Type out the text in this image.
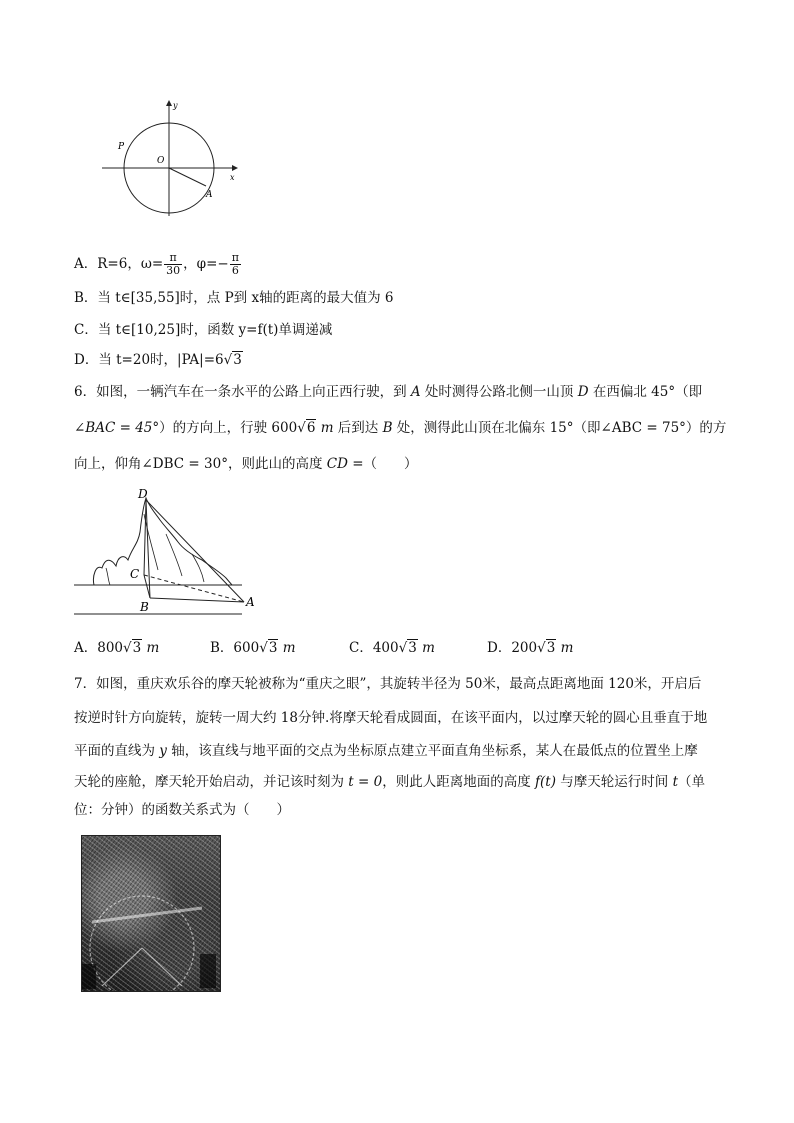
y
x
P
O
A
A．R=6，$\omega= \frac{\pi}{30}$ ，$\varphi=- \frac{\pi}{6}$
B．当 t∈[35,55]时，点 P到 x轴的距离的最大值为 6
C．当 t∈[10,25]时，函数 y=f(t)单调递减
D．当 t=20时，|PA|=6√3
6．如图，一辆汽车在一条水平的公路上向正西行驶，到 A 处时测得公路北侧一山顶 D 在西偏北 45°（即
∠BAC = 45°）的方向上，行驶 600√6 m 后到达 B 处，测得此山顶在北偏东 15°（即∠ABC = 75°）的方
向上，仰角∠DBC = 30°，则此山的高度 CD =（　　）
D
C
B	A
A．800√3 m	B．600√3 m	C．400√3 m	D．200√3 m
7．如图，重庆欢乐谷的摩天轮被称为“重庆之眼”，其旋转半径为 50米，最高点距离地面 120米，开启后
按逆时针方向旋转，旋转一周大约 18分钟.将摩天轮看成圆面，在该平面内，以过摩天轮的圆心且垂直于地
平面的直线为 y 轴，该直线与地平面的交点为坐标原点建立平面直角坐标系，某人在最低点的位置坐上摩
天轮的座舱，摩天轮开始启动，并记该时刻为 t = 0，则此人距离地面的高度 f(t) 与摩天轮运行时间 t（单
位：分钟）的函数关系式为（　　）
